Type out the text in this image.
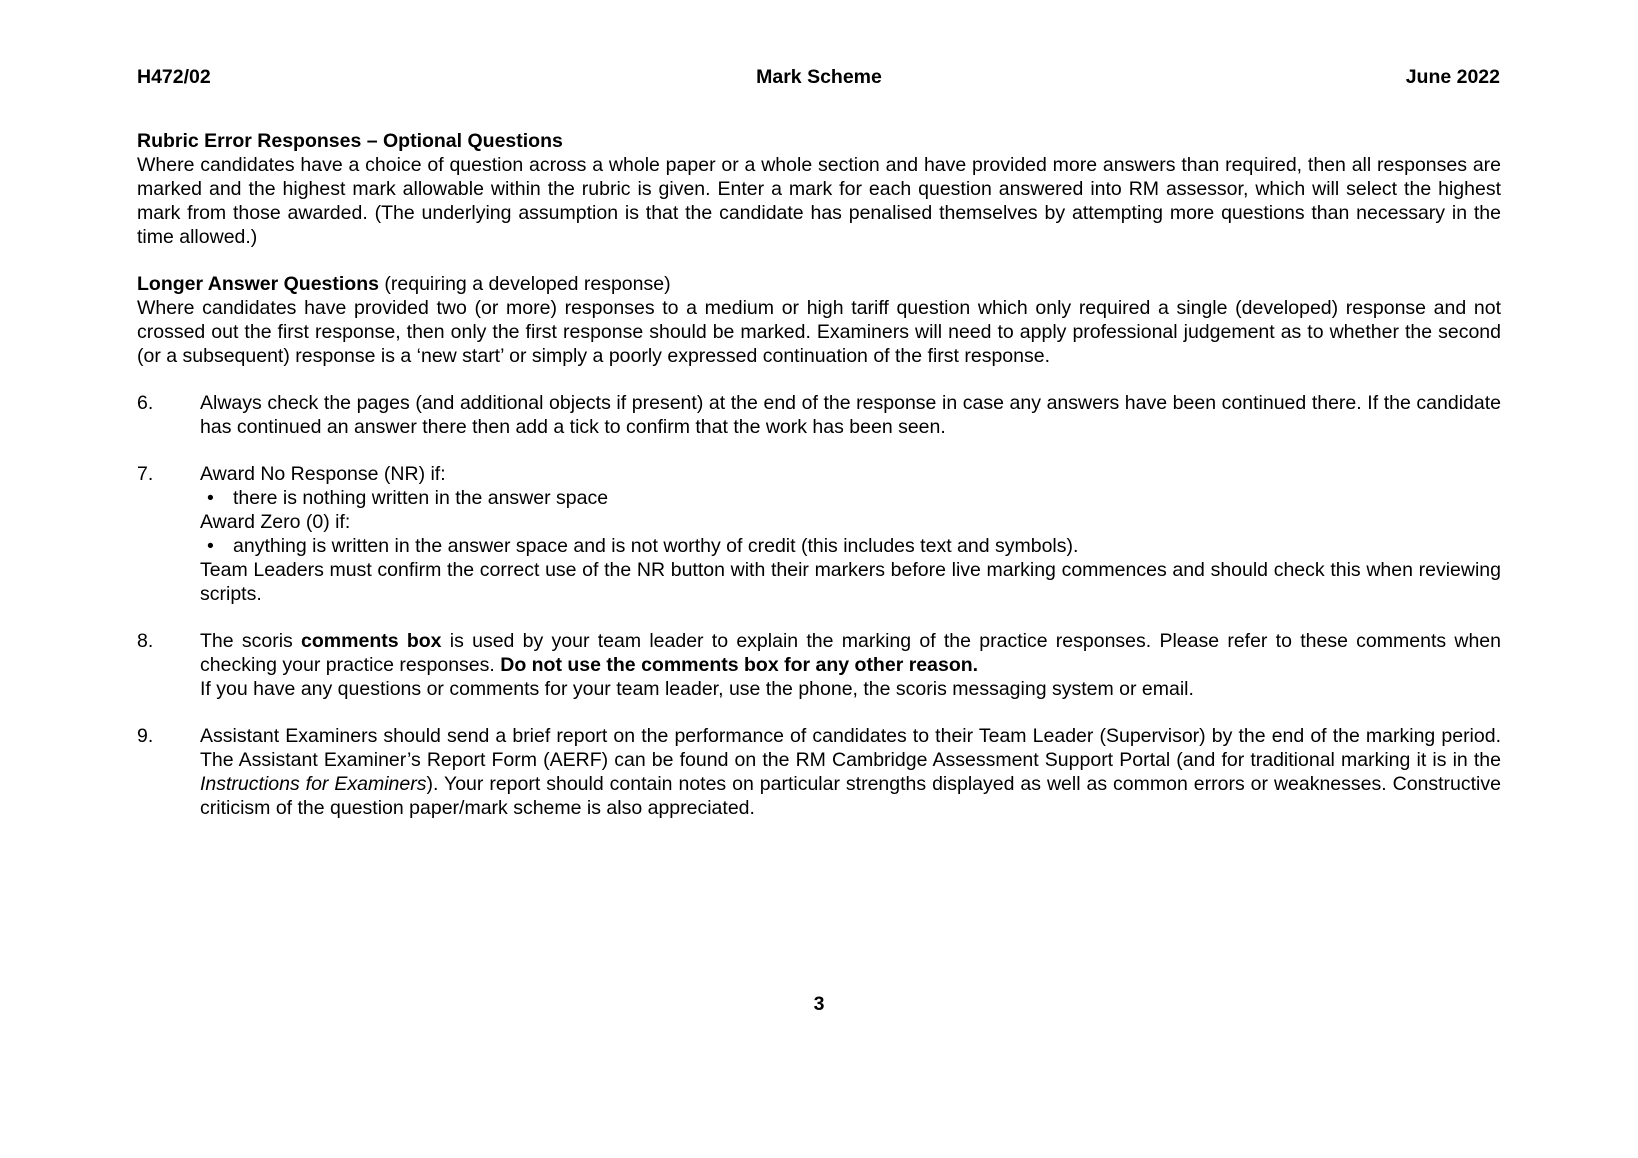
H472/02	Mark Scheme	June 2022
Rubric Error Responses – Optional Questions

Where candidates have a choice of question across a whole paper or a whole section and have provided more answers than required, then all responses are marked and the highest mark allowable within the rubric is given. Enter a mark for each question answered into RM assessor, which will select the highest mark from those awarded. (The underlying assumption is that the candidate has penalised themselves by attempting more questions than necessary in the time allowed.)

Longer Answer Questions (requiring a developed response)

Where candidates have provided two (or more) responses to a medium or high tariff question which only required a single (developed) response and not crossed out the first response, then only the first response should be marked. Examiners will need to apply professional judgement as to whether the second (or a subsequent) response is a ‘new start’ or simply a poorly expressed continuation of the first response.

6.	Always check the pages (and additional objects if present) at the end of the response in case any answers have been continued there. If the candidate has continued an answer there then add a tick to confirm that the work has been seen.

7.	Award No Response (NR) if:

• there is nothing written in the answer space

Award Zero (0) if:

• anything is written in the answer space and is not worthy of credit (this includes text and symbols).

Team Leaders must confirm the correct use of the NR button with their markers before live marking commences and should check this when reviewing scripts.

8.	The scoris comments box is used by your team leader to explain the marking of the practice responses. Please refer to these comments when checking your practice responses. Do not use the comments box for any other reason.

If you have any questions or comments for your team leader, use the phone, the scoris messaging system or email.

9.	Assistant Examiners should send a brief report on the performance of candidates to their Team Leader (Supervisor) by the end of the marking period. The Assistant Examiner’s Report Form (AERF) can be found on the RM Cambridge Assessment Support Portal (and for traditional marking it is in the Instructions for Examiners). Your report should contain notes on particular strengths displayed as well as common errors or weaknesses. Constructive criticism of the question paper/mark scheme is also appreciated.

3
